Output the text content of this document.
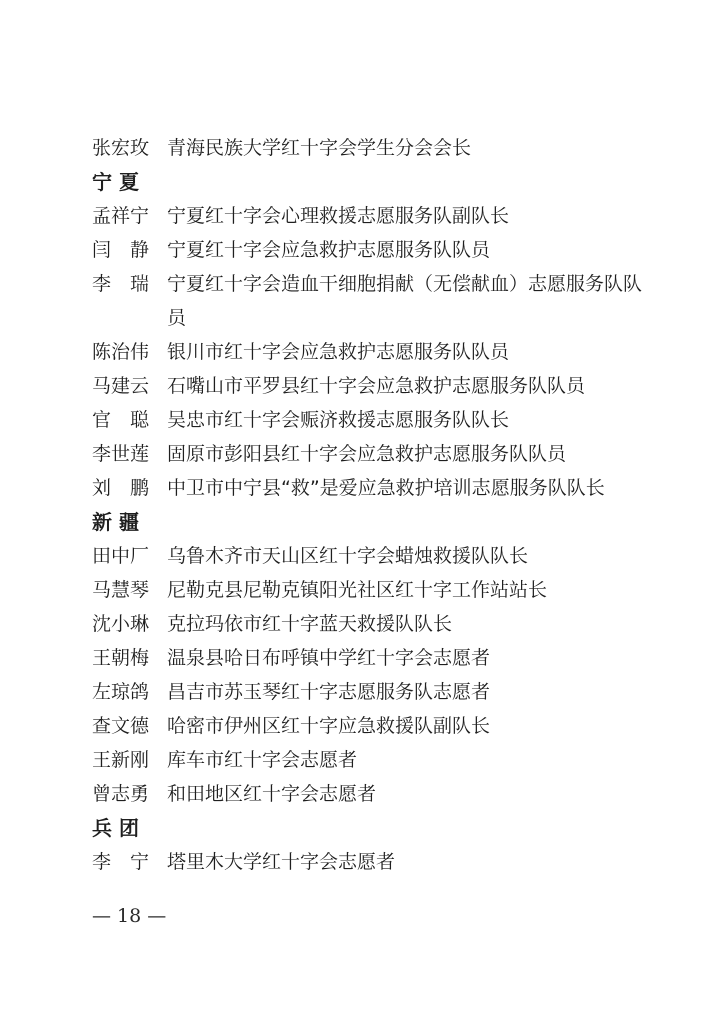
张宏玫 青海民族大学红十字会学生分会会长
宁 夏
孟祥宁 宁夏红十字会心理救援志愿服务队副队长
闫　静 宁夏红十字会应急救护志愿服务队队员
李　瑞 宁夏红十字会造血干细胞捐献（无偿献血）志愿服务队队员
陈治伟 银川市红十字会应急救护志愿服务队队员
马建云 石嘴山市平罗县红十字会应急救护志愿服务队队员
官　聪 吴忠市红十字会赈济救援志愿服务队队长
李世莲 固原市彭阳县红十字会应急救护志愿服务队队员
刘　鹏 中卫市中宁县“救”是爱应急救护培训志愿服务队队长
新 疆
田中厂 乌鲁木齐市天山区红十字会蜡烛救援队队长
马慧琴 尼勒克县尼勒克镇阳光社区红十字工作站站长
沈小琳 克拉玛依市红十字蓝天救援队队长
王朝梅 温泉县哈日布呼镇中学红十字会志愿者
左琼鸽 昌吉市苏玉琴红十字志愿服务队志愿者
查文德 哈密市伊州区红十字应急救援队副队长
王新刚 库车市红十字会志愿者
曾志勇 和田地区红十字会志愿者
兵 团
李　宁 塔里木大学红十字会志愿者
— 18 —
